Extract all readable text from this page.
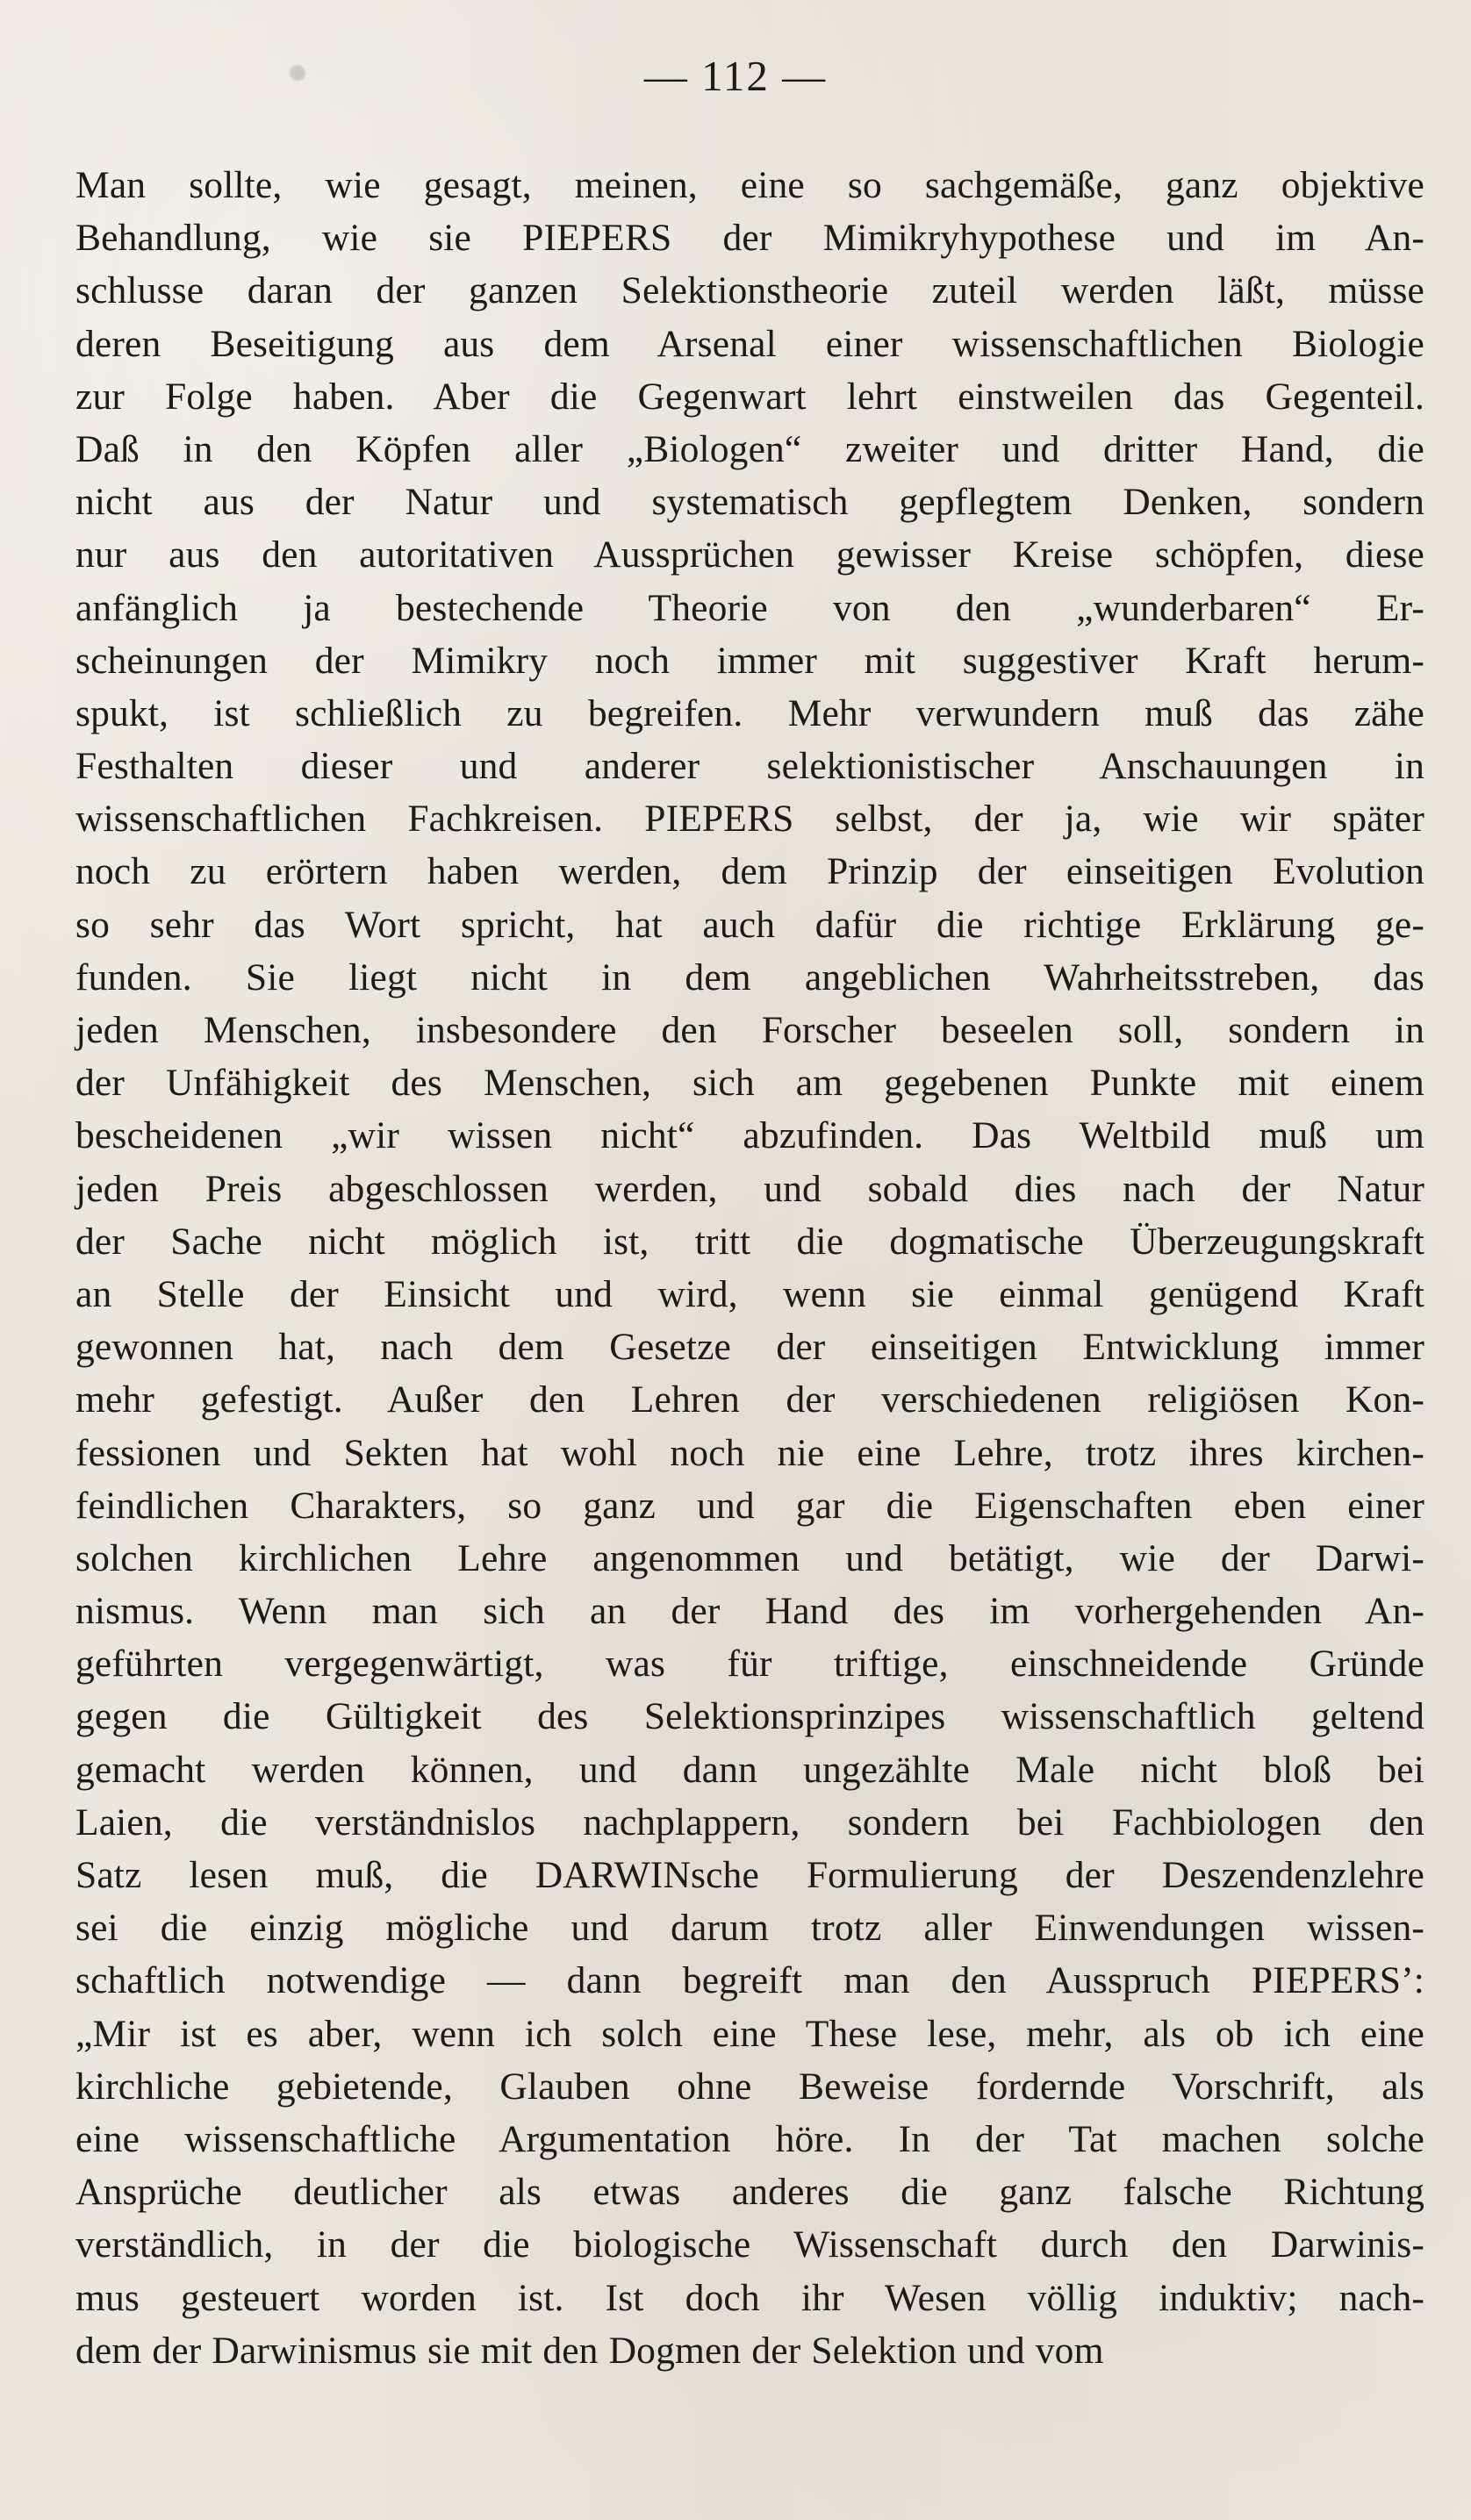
— 112 —
Man sollte, wie gesagt, meinen, eine so sachgemäße, ganz objektive
Behandlung, wie sie PIEPERS der Mimikryhypothese und im An-
schlusse daran der ganzen Selektionstheorie zuteil werden läßt, müsse
deren Beseitigung aus dem Arsenal einer wissenschaftlichen Biologie
zur Folge haben. Aber die Gegenwart lehrt einstweilen das Gegenteil.
Daß in den Köpfen aller „Biologen“ zweiter und dritter Hand, die
nicht aus der Natur und systematisch gepflegtem Denken, sondern
nur aus den autoritativen Aussprüchen gewisser Kreise schöpfen, diese
anfänglich ja bestechende Theorie von den „wunderbaren“ Er-
scheinungen der Mimikry noch immer mit suggestiver Kraft herum-
spukt, ist schließlich zu begreifen. Mehr verwundern muß das zähe
Festhalten dieser und anderer selektionistischer Anschauungen in
wissenschaftlichen Fachkreisen. PIEPERS selbst, der ja, wie wir später
noch zu erörtern haben werden, dem Prinzip der einseitigen Evolution
so sehr das Wort spricht, hat auch dafür die richtige Erklärung ge-
funden. Sie liegt nicht in dem angeblichen Wahrheitsstreben, das
jeden Menschen, insbesondere den Forscher beseelen soll, sondern in
der Unfähigkeit des Menschen, sich am gegebenen Punkte mit einem
bescheidenen „wir wissen nicht“ abzufinden. Das Weltbild muß um
jeden Preis abgeschlossen werden, und sobald dies nach der Natur
der Sache nicht möglich ist, tritt die dogmatische Überzeugungskraft
an Stelle der Einsicht und wird, wenn sie einmal genügend Kraft
gewonnen hat, nach dem Gesetze der einseitigen Entwicklung immer
mehr gefestigt. Außer den Lehren der verschiedenen religiösen Kon-
fessionen und Sekten hat wohl noch nie eine Lehre, trotz ihres kirchen-
feindlichen Charakters, so ganz und gar die Eigenschaften eben einer
solchen kirchlichen Lehre angenommen und betätigt, wie der Darwi-
nismus. Wenn man sich an der Hand des im vorhergehenden An-
geführten vergegenwärtigt, was für triftige, einschneidende Gründe
gegen die Gültigkeit des Selektionsprinzipes wissenschaftlich geltend
gemacht werden können, und dann ungezählte Male nicht bloß bei
Laien, die verständnislos nachplappern, sondern bei Fachbiologen den
Satz lesen muß, die DARWINsche Formulierung der Deszendenzlehre
sei die einzig mögliche und darum trotz aller Einwendungen wissen-
schaftlich notwendige — dann begreift man den Ausspruch PIEPERS’:
„Mir ist es aber, wenn ich solch eine These lese, mehr, als ob ich eine
kirchliche gebietende, Glauben ohne Beweise fordernde Vorschrift, als
eine wissenschaftliche Argumentation höre. In der Tat machen solche
Ansprüche deutlicher als etwas anderes die ganz falsche Richtung
verständlich, in der die biologische Wissenschaft durch den Darwinis-
mus gesteuert worden ist. Ist doch ihr Wesen völlig induktiv; nach-
dem der Darwinismus sie mit den Dogmen der Selektion und vom
